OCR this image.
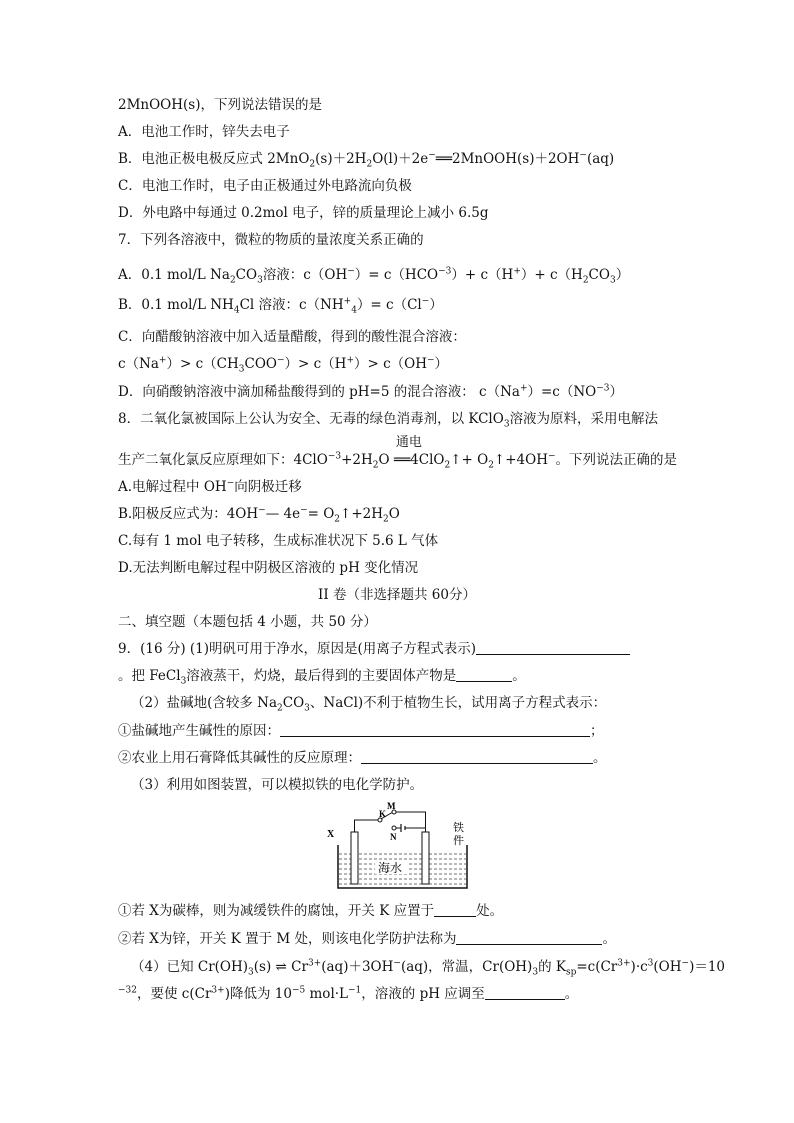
2MnOOH(s)，下列说法错误的是
A．电池工作时，锌失去电子
B．电池正极电极反应式 $2MnO_2(s)+2H_2O(l)+2e^-══2MnOOH(s)+2OH^-(aq)$
C．电池工作时，电子由正极通过外电路流向负极
D．外电路中每通过 0.2mol 电子，锌的质量理论上减小 6.5g
7．下列各溶液中，微粒的物质的量浓度关系正确的
A．0.1 mol/L $Na_2CO_3$溶液：$c(OH^-)= c(HCO^{-3})+ c(H^+)+ c(H_2CO_3)$
B．0.1 mol/L $NH_4Cl$ 溶液：$c(NH^+_4)= c(Cl^-)$
C．向醋酸钠溶液中加入适量醋酸，得到的酸性混合溶液：
$c(Na^+)> c(CH_3COO^-)> c(H^+)> c(OH^-)$
D．向硝酸钠溶液中滴加稀盐酸得到的 pH=5 的混合溶液： $c(Na^+)=c(NO^{-3})$
8．二氧化氯被国际上公认为安全、无毒的绿色消毒剂，以 KClO$_3$溶液为原料，采用电解法
生产二氧化氯反应原理如下：$4ClO^{-3}+2H_2O$
通电
══4ClO$_2$↑+ $O_2↑+4OH^-$。下列说法正确的是
A.电解过程中 OH−向阴极迁移
B.阳极反应式为：4OH−— $4e^-= O_2↑+2H_2O$
C.每有 1 mol 电子转移，生成标准状况下 5.6 L 气体
D.无法判断电解过程中阴极区溶液的 pH 变化情况
II 卷（非选择题共 60分）
二、填空题（本题包括 4 小题，共 50 分）
9．(16 分) (1)明矾可用于净水，原因是(用离子方程式表示)
。把 FeCl$_3$溶液蒸干，灼烧，最后得到的主要固体产物是	。
（2）盐碱地(含较多 $Na_2CO_3$、NaCl)不利于植物生长，试用离子方程式表示：
①盐碱地产生碱性的原因：	；
②农业上用石膏降低其碱性的反应原理：	。
（3）利用如图装置，可以模拟铁的电化学防护。
M
K
N
X
铁
件
海水
①若 X为碳棒，则为减缓铁件的腐蚀，开关 K 应置于	处。
②若 X为锌，开关 K 置于 M 处，则该电化学防护法称为	。
（4）已知 $Cr(OH)_3(s)$ ⇌ $Cr^{3+}(aq)+3OH^-(aq)$，常温，$Cr(OH)_3$的 $K_{sp}=c(Cr^{3+})\cdot c^3(OH^-)=10$
$^{-32}$，要使 $c(Cr^{3+})$降低为 $10^{-5}$ $mol\cdot L^{-1}$，溶液的 pH 应调至	。
